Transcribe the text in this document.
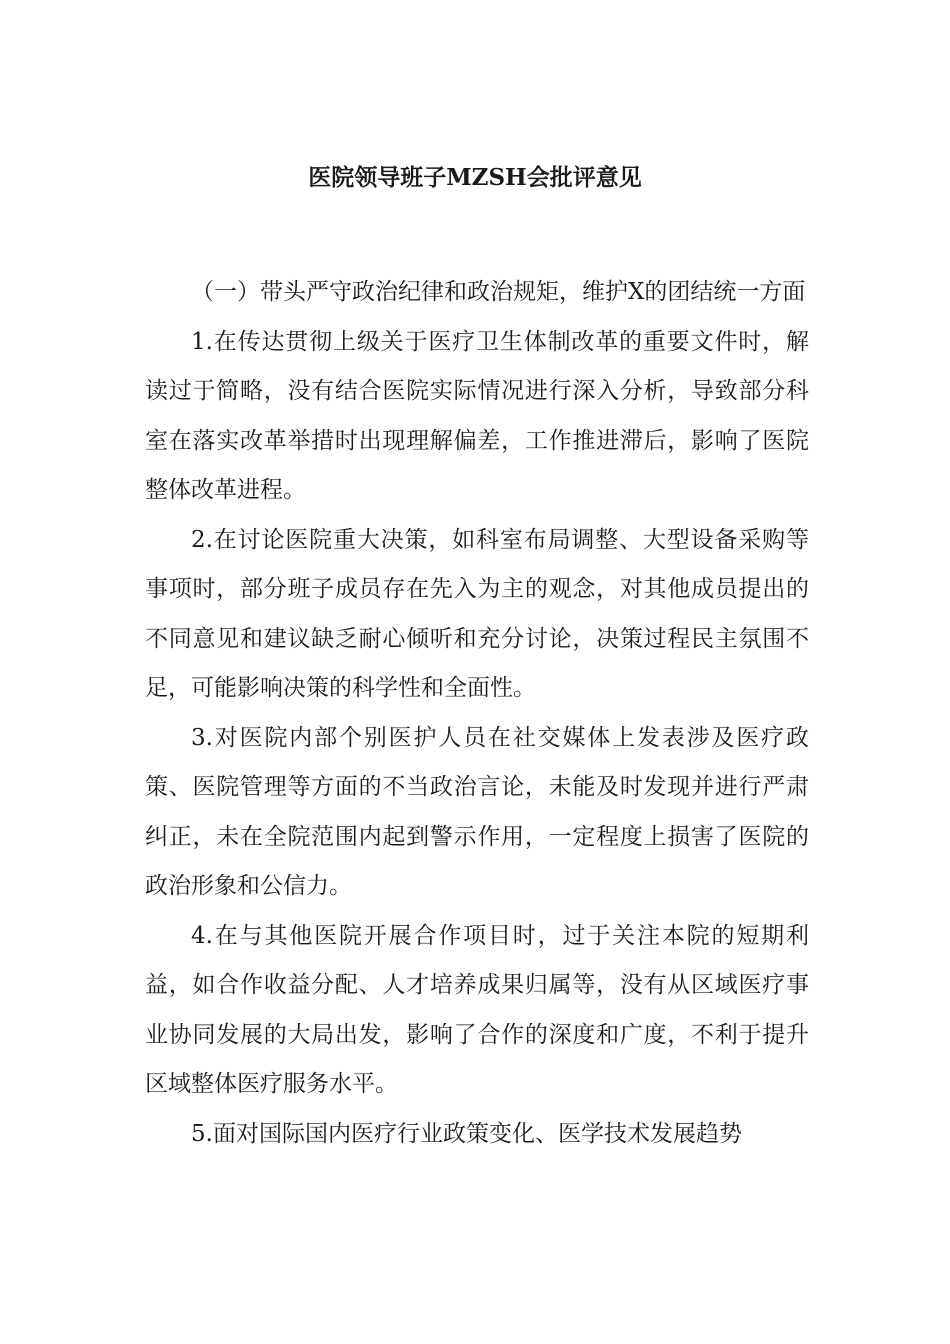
医院领导班子MZSH会批评意见

（一）带头严守政治纪律和政治规矩，维护X的团结统一方面

1.在传达贯彻上级关于医疗卫生体制改革的重要文件时，解读过于简略，没有结合医院实际情况进行深入分析，导致部分科室在落实改革举措时出现理解偏差，工作推进滞后，影响了医院整体改革进程。

2.在讨论医院重大决策，如科室布局调整、大型设备采购等事项时，部分班子成员存在先入为主的观念，对其他成员提出的不同意见和建议缺乏耐心倾听和充分讨论，决策过程民主氛围不足，可能影响决策的科学性和全面性。

3.对医院内部个别医护人员在社交媒体上发表涉及医疗政策、医院管理等方面的不当政治言论，未能及时发现并进行严肃纠正，未在全院范围内起到警示作用，一定程度上损害了医院的政治形象和公信力。

4.在与其他医院开展合作项目时，过于关注本院的短期利益，如合作收益分配、人才培养成果归属等，没有从区域医疗事业协同发展的大局出发，影响了合作的深度和广度，不利于提升区域整体医疗服务水平。

5.面对国际国内医疗行业政策变化、医学技术发展趋势
